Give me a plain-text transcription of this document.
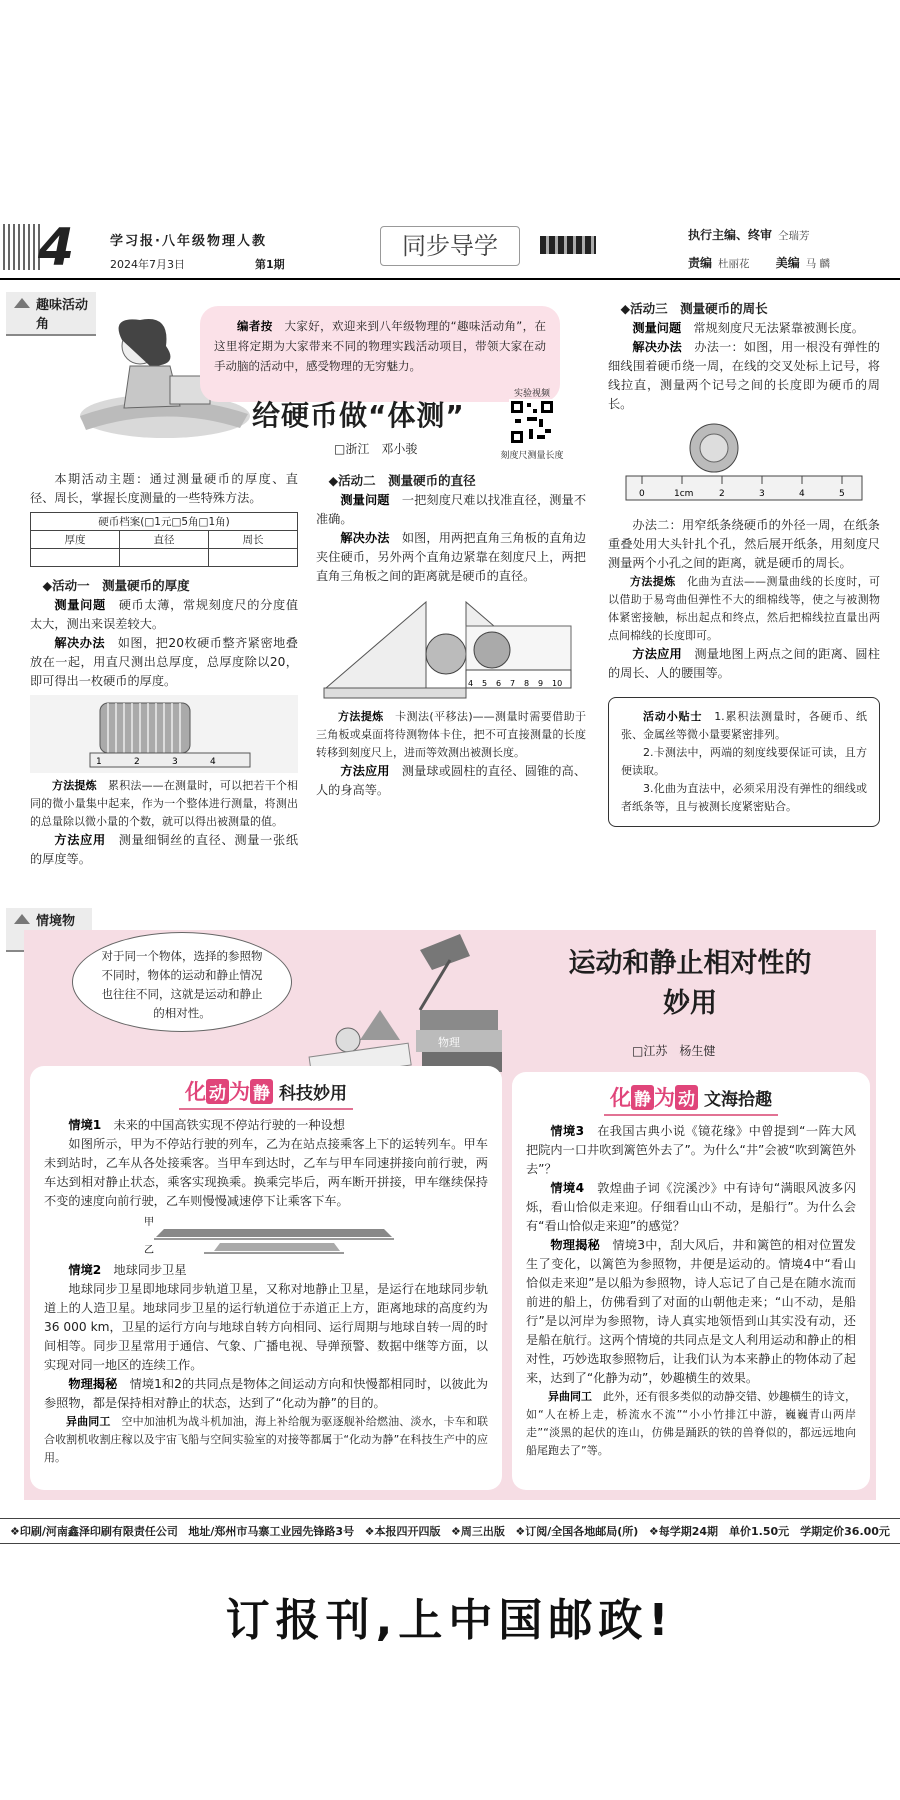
4	学习报·八年级物理人教
2024年7月3日	第1期
同步导学	执行主编、终审 仝瑞芳
责编 杜丽花 美编 马 麟
趣味活动角	编者按　 大家好，欢迎来到八年级物理的“趣味活动角”，在这里将定期为大家带来不同的物理实践活动项目，带领大家在动手动脑的活动中，感受物理的无穷魅力。
给硬币做“体测”
□浙江　邓小骏
实验视频
刻度尺测量长度

本期活动主题：通过测量硬币的厚度、直径、周长，掌握长度测量的一些特殊方法。

硬币档案(□1元□5角□1角)		
厚度	直径	周长

◆活动一　测量硬币的厚度

测量问题　 硬币太薄，常规刻度尺的分度值太大，测出来误差较大。

解决办法　 如图，把20枚硬币整齐紧密地叠放在一起，用直尺测出总厚度，总厚度除以20，即可得出一枚硬币的厚度。

1	2	3	4

方法提炼　 累积法——在测量时，可以把若干个相同的微小量集中起来，作为一个整体进行测量，将测出的总量除以微小量的个数，就可以得出被测量的值。

方法应用　 测量细铜丝的直径、测量一张纸的厚度等。

◆活动二　测量硬币的直径

测量问题　 一把刻度尺难以找准直径，测量不准确。

解决办法　 如图，用两把直角三角板的直角边夹住硬币，另外两个直角边紧靠在刻度尺上，两把直角三角板之间的距离就是硬币的直径。

4 5 6 7 8 9 10

方法提炼　 卡测法(平移法)——测量时需要借助于三角板或桌面将待测物体卡住，把不可直接测量的长度转移到刻度尺上，进而等效测出被测长度。

方法应用　 测量球或圆柱的直径、圆锥的高、人的身高等。

◆活动三　测量硬币的周长

测量问题　 常规刻度尺无法紧靠被测长度。

解决办法　 办法一：如图，用一根没有弹性的细线围着硬币绕一周，在线的交叉处标上记号，将线拉直，测量两个记号之间的长度即为硬币的周长。

0	1cm	2	3	4	5

办法二：用窄纸条绕硬币的外径一周，在纸条重叠处用大头针扎个孔，然后展开纸条，用刻度尺测量两个小孔之间的距离，就是硬币的周长。

方法提炼　 化曲为直法——测量曲线的长度时，可以借助于易弯曲但弹性不大的细棉线等，使之与被测物体紧密接触，标出起点和终点，然后把棉线拉直量出两点间棉线的长度即可。

方法应用　 测量地图上两点之间的距离、圆柱的周长、人的腰围等。

活动小贴士　 1.累积法测量时，各硬币、纸张、金属丝等微小量要紧密排列。

2.卡测法中，两端的刻度线要保证可读，且方便读取。

3.化曲为直法中，必须采用没有弹性的细线或者纸条等，且与被测长度紧密贴合。

情境物
对于同一个物体，选择的参照物不同时，物体的运动和静止情况也往往不同，这就是运动和静止的相对性。
物理
运动和静止相对性的
妙用
□江苏　杨生健
化 动 为 静 科技妙用

情境1　 未来的中国高铁实现不停站行驶的一种设想

如图所示，甲为不停站行驶的列车，乙为在站点接乘客上下的运转列车。甲车未到站时，乙车从各处接乘客。当甲车到达时，乙车与甲车同速拼接向前行驶，两车达到相对静止状态，乘客实现换乘。换乘完毕后，两车断开拼接，甲车继续保持不变的速度向前行驶，乙车则慢慢减速停下让乘客下车。

甲
乙

情境2　 地球同步卫星

地球同步卫星即地球同步轨道卫星，又称对地静止卫星，是运行在地球同步轨道上的人造卫星。地球同步卫星的运行轨道位于赤道正上方，距离地球的高度约为36 000 km，卫星的运行方向与地球自转方向相同、运行周期与地球自转一周的时间相等。同步卫星常用于通信、气象、广播电视、导弹预警、数据中继等方面，以实现对同一地区的连续工作。

物理揭秘　 情境1和2的共同点是物体之间运动方向和快慢都相同时，以彼此为参照物，都是保持相对静止的状态，达到了“化动为静”的目的。

异曲同工　 空中加油机为战斗机加油，海上补给舰为驱逐舰补给燃油、淡水，卡车和联合收割机收割庄稼以及宇宙飞船与空间实验室的对接等都属于“化动为静”在科技生产中的应用。

化 静 为 动 文海拾趣

情境3　 在我国古典小说《镜花缘》中曾提到“一阵大风把院内一口井吹到篱笆外去了”。为什么“井”会被“吹到篱笆外去”？

情境4　 敦煌曲子词《浣溪沙》中有诗句“满眼风波多闪烁，看山恰似走来迎。仔细看山山不动，是船行”。为什么会有“看山恰似走来迎”的感觉？

物理揭秘　 情境3中，刮大风后，井和篱笆的相对位置发生了变化，以篱笆为参照物，井便是运动的。情境4中“看山恰似走来迎”是以船为参照物，诗人忘记了自己是在随水流而前进的船上，仿佛看到了对面的山朝他走来；“山不动，是船行”是以河岸为参照物，诗人真实地领悟到山其实没有动，还是船在航行。这两个情境的共同点是文人利用运动和静止的相对性，巧妙选取参照物后，让我们认为本来静止的物体动了起来，达到了“化静为动”，妙趣横生的效果。

异曲同工　 此外，还有很多类似的动静交错、妙趣横生的诗文，如“人在桥上走，桥流水不流”“小小竹排江中游，巍巍青山两岸走”“淡黑的起伏的连山，仿佛是踊跃的铁的兽脊似的，都远远地向船尾跑去了”等。

❖印刷/河南鑫泽印刷有限责任公司 地址/郑州市马寨工业园先锋路3号 ❖本报四开四版 ❖周三出版 ❖订阅/全国各地邮局(所) ❖每学期24期　单价1.50元　学期定价36.00元
订报刊,上中国邮政!
